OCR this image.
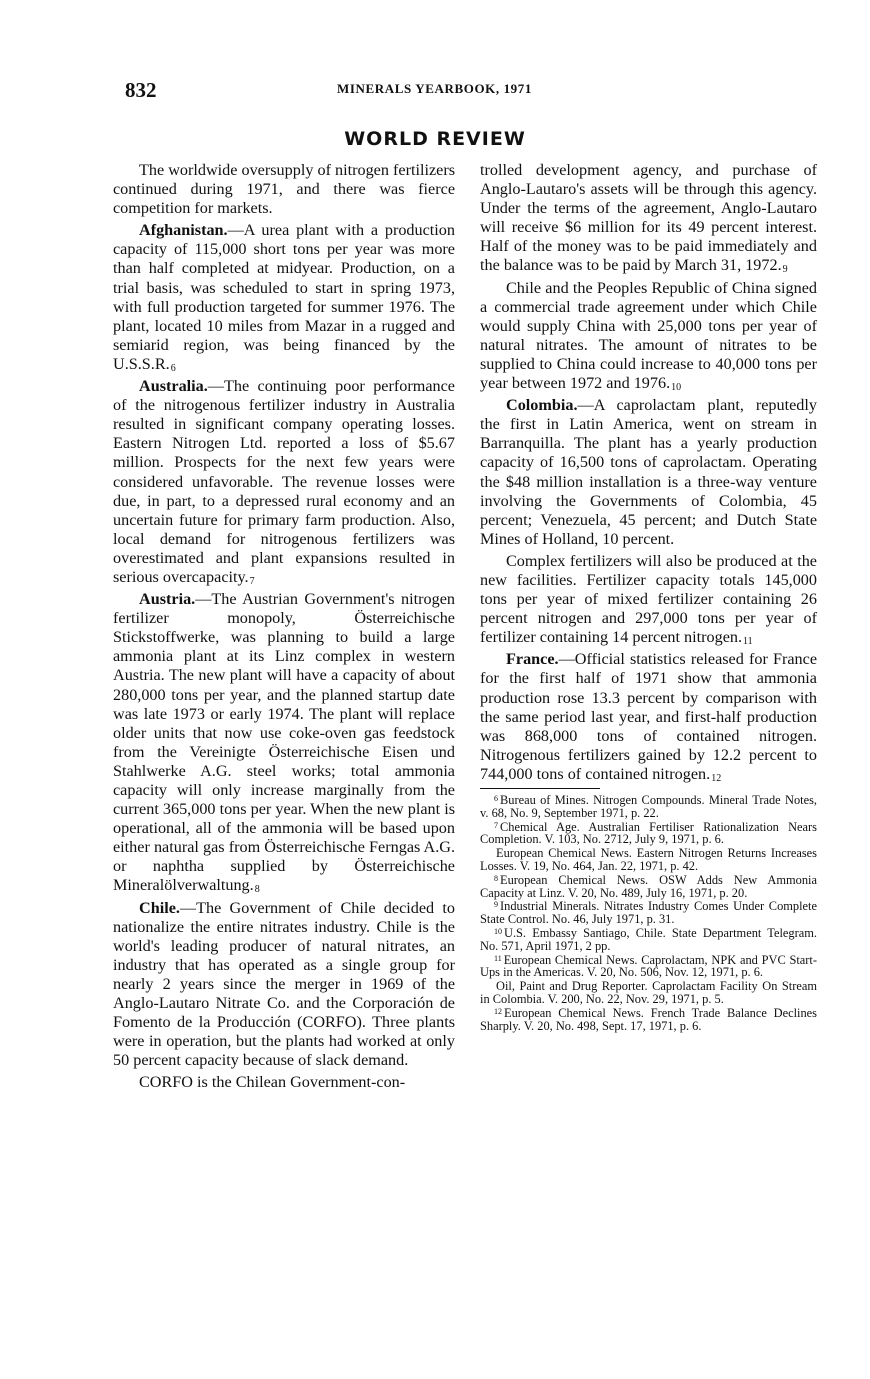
832	MINERALS YEARBOOK, 1971
WORLD REVIEW

The worldwide oversupply of nitrogen fertilizers continued during 1971, and there was fierce competition for markets.

Afghanistan.—A urea plant with a production capacity of 115,000 short tons per year was more than half completed at midyear. Production, on a trial basis, was scheduled to start in spring 1973, with full production targeted for summer 1976. The plant, located 10 miles from Mazar in a rugged and semiarid region, was being financed by the U.S.S.R.$^6$

Australia.—The continuing poor performance of the nitrogenous fertilizer industry in Australia resulted in significant company operating losses. Eastern Nitrogen Ltd. reported a loss of $5.67 million. Prospects for the next few years were considered unfavorable. The revenue losses were due, in part, to a depressed rural economy and an uncertain future for primary farm production. Also, local demand for nitrogenous fertilizers was overestimated and plant expansions resulted in serious overcapacity.$^7$

Austria.—The Austrian Government's nitrogen fertilizer monopoly, Österreichische Stickstoffwerke, was planning to build a large ammonia plant at its Linz complex in western Austria. The new plant will have a capacity of about 280,000 tons per year, and the planned startup date was late 1973 or early 1974. The plant will replace older units that now use coke-oven gas feedstock from the Vereinigte Österreichische Eisen und Stahlwerke A.G. steel works; total ammonia capacity will only increase marginally from the current 365,000 tons per year. When the new plant is operational, all of the ammonia will be based upon either natural gas from Österreichische Ferngas A.G. or naphtha supplied by Österreichische Mineralölverwaltung.$^8$

Chile.—The Government of Chile decided to nationalize the entire nitrates industry. Chile is the world's leading producer of natural nitrates, an industry that has operated as a single group for nearly 2 years since the merger in 1969 of the Anglo-Lautaro Nitrate Co. and the Corporación de Fomento de la Producción (CORFO). Three plants were in operation, but the plants had worked at only 50 percent capacity because of slack demand.

CORFO is the Chilean Government-con-

trolled development agency, and purchase of Anglo-Lautaro's assets will be through this agency. Under the terms of the agreement, Anglo-Lautaro will receive $6 million for its 49 percent interest. Half of the money was to be paid immediately and the balance was to be paid by March 31, 1972.$^9$

Chile and the Peoples Republic of China signed a commercial trade agreement under which Chile would supply China with 25,000 tons per year of natural nitrates. The amount of nitrates to be supplied to China could increase to 40,000 tons per year between 1972 and 1976.10

Colombia.—A caprolactam plant, reputedly the first in Latin America, went on stream in Barranquilla. The plant has a yearly production capacity of 16,500 tons of caprolactam. Operating the $48 million installation is a three-way venture involving the Governments of Colombia, 45 percent; Venezuela, 45 percent; and Dutch State Mines of Holland, 10 percent.

Complex fertilizers will also be produced at the new facilities. Fertilizer capacity totals 145,000 tons per year of mixed fertilizer containing 26 percent nitrogen and 297,000 tons per year of fertilizer containing 14 percent nitrogen.$^{11}$

France.—Official statistics released for France for the first half of 1971 show that ammonia production rose 13.3 percent by comparison with the same period last year, and first-half production was 868,000 tons of contained nitrogen. Nitrogenous fertilizers gained by 12.2 percent to 744,000 tons of contained nitrogen.$^{12}$

$^6$ Bureau of Mines. Nitrogen Compounds. Mineral Trade Notes, v. 68, No. 9, September 1971, p. 22.

$^7$ Chemical Age. Australian Fertiliser Rationalization Nears Completion. V. 103, No. 2712, July 9, 1971, p. 6.

European Chemical News. Eastern Nitrogen Returns Increases Losses. V. 19, No. 464, Jan. 22, 1971, p. 42.

$^8$ European Chemical News. OSW Adds New Ammonia Capacity at Linz. V. 20, No. 489, July 16, 1971, p. 20.

$^9$ Industrial Minerals. Nitrates Industry Comes Under Complete State Control. No. 46, July 1971, p. 31.

$^{10}$ U.S. Embassy Santiago, Chile. State Department Telegram. No. 571, April 1971, 2 pp.

$^{11}$ European Chemical News. Caprolactam, NPK and PVC Start-Ups in the Americas. V. 20, No. 506, Nov. 12, 1971, p. 6.

Oil, Paint and Drug Reporter. Caprolactam Facility On Stream in Colombia. V. 200, No. 22, Nov. 29, 1971, p. 5.

$^{12}$ European Chemical News. French Trade Balance Declines Sharply. V. 20, No. 498, Sept. 17, 1971, p. 6.
